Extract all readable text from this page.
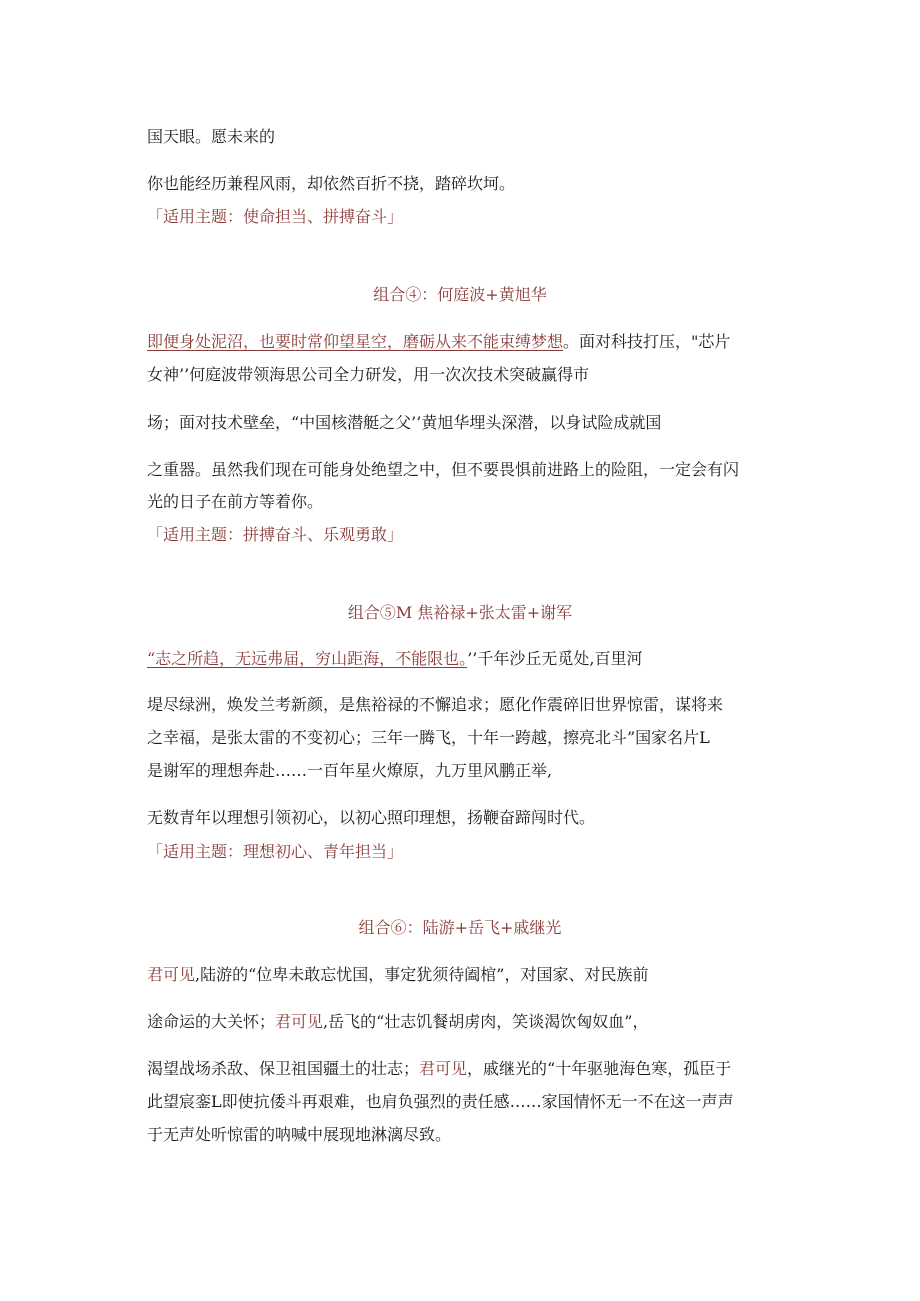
国天眼。愿未来的
你也能经历兼程风雨，却依然百折不挠，踏碎坎坷。
「适用主题：使命担当、拼搏奋斗」
组合④：何庭波+黄旭华
即便身处泥沼，也要时常仰望星空，磨砺从来不能束缚梦想。面对科技打压，"芯片
女神’’何庭波带领海思公司全力研发，用一次次技术突破赢得市
场；面对技术壁垒，“中国核潜艇之父’’黄旭华埋头深潜，以身试险成就国
之重器。虽然我们现在可能身处绝望之中，但不要畏惧前进路上的险阻，一定会有闪
光的日子在前方等着你。
「适用主题：拼搏奋斗、乐观勇敢」
组合⑤M 焦裕禄+张太雷+谢军
“志之所趋，无远弗届，穷山距海，不能限也。’’千年沙丘无觅处,百里河
堤尽绿洲，焕发兰考新颜，是焦裕禄的不懈追求；愿化作震碎旧世界惊雷，谋将来
之幸福，是张太雷的不变初心；三年一腾飞，十年一跨越，擦亮北斗”国家名片L
是谢军的理想奔赴……一百年星火燎原，九万里风鹏正举,
无数青年以理想引领初心，以初心照印理想，扬鞭奋蹄闯时代。
「适用主题：理想初心、青年担当」
组合⑥：陆游+岳飞+戚继光
君可见,陆游的“位卑未敢忘忧国，事定犹须待阖棺”，对国家、对民族前
途命运的大关怀；君可见,岳飞的“壮志饥餐胡虏肉，笑谈渴饮匈奴血”，
渴望战场杀敌、保卫祖国疆土的壮志；君可见，戚继光的“十年驱驰海色寒，孤臣于
此望宸銮L即使抗倭斗再艰难，也肩负强烈的责任感……家国情怀无一不在这一声声
于无声处听惊雷的呐喊中展现地淋漓尽致。
